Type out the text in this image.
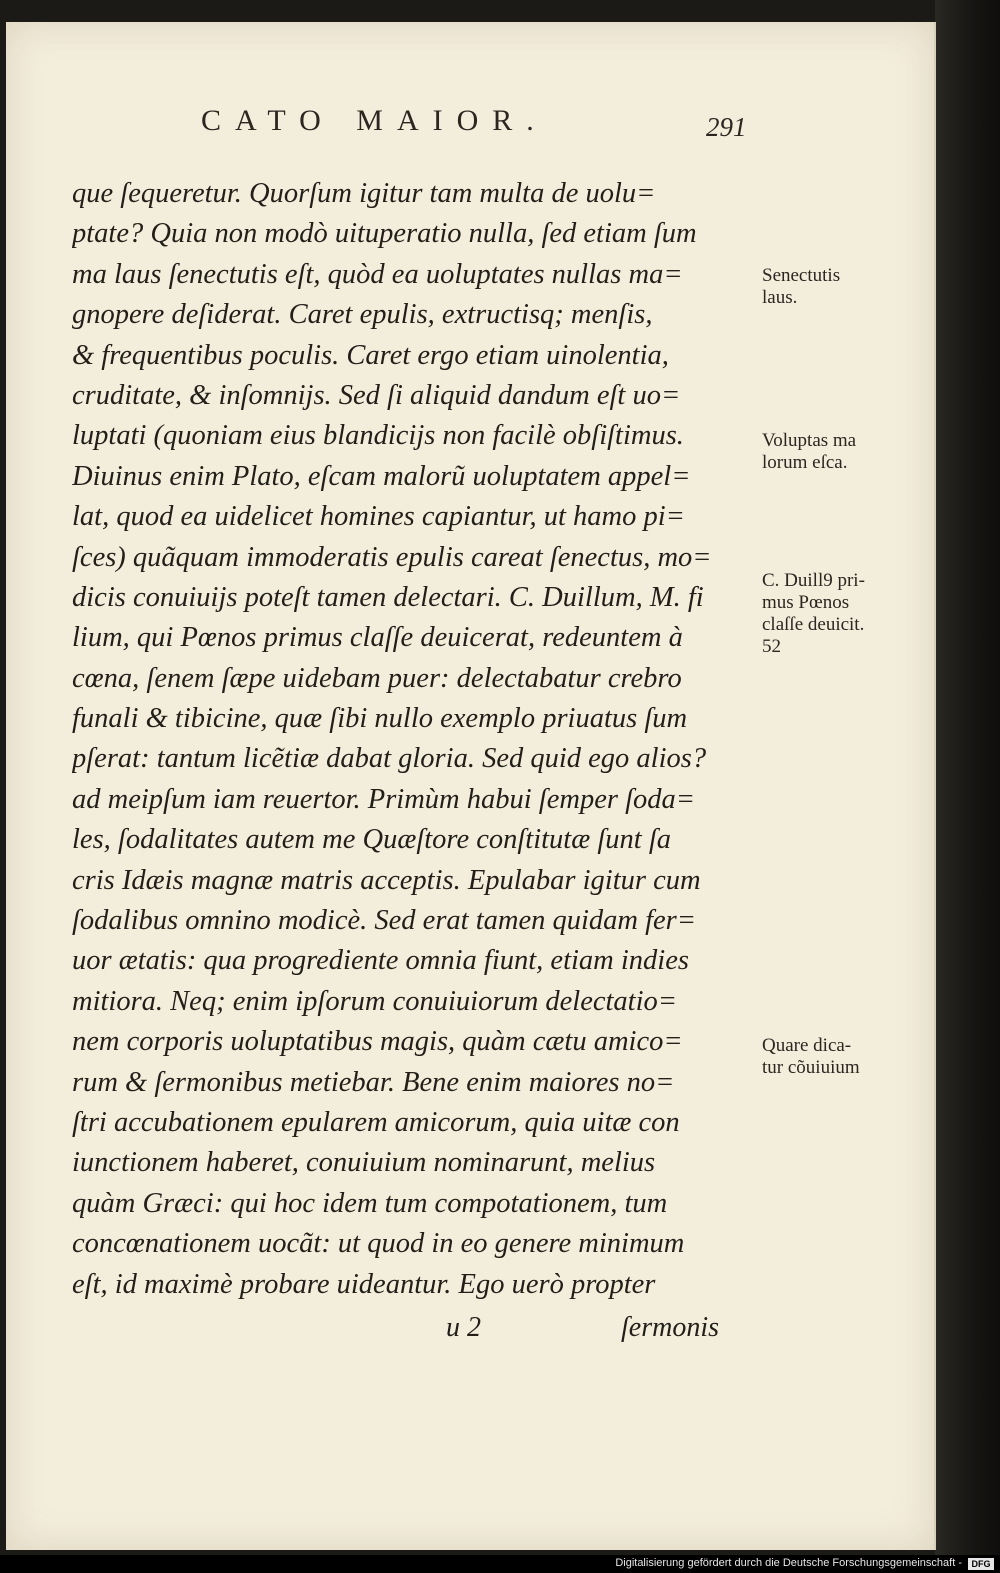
CATO MAIOR.	291
que ſequeretur. Quorſum igitur tam multa de uolu=
ptate? Quia non modò uituperatio nulla, ſed etiam ſum
ma laus ſenectutis eſt, quòd ea uoluptates nullas ma=
gnopere deſiderat. Caret epulis, extructisq; menſis,
& frequentibus poculis. Caret ergo etiam uinolentia,
cruditate, & inſomnijs. Sed ſi aliquid dandum eſt uo=
luptati (quoniam eius blandicijs non facilè obſiſtimus.
Diuinus enim Plato, eſcam malorũ uoluptatem appel=
lat, quod ea uidelicet homines capiantur, ut hamo pi=
ſces) quãquam immoderatis epulis careat ſenectus, mo=
dicis conuiuijs poteſt tamen delectari. C. Duillum, M. fi
lium, qui Pœnos primus claſſe deuicerat, redeuntem à
cœna, ſenem ſæpe uidebam puer: delectabatur crebro
funali & tibicine, quæ ſibi nullo exemplo priuatus ſum
pſerat: tantum licẽtiæ dabat gloria. Sed quid ego alios?
ad meipſum iam reuertor. Primùm habui ſemper ſoda=
les, ſodalitates autem me Quæſtore conſtitutæ ſunt ſa
cris Idæis magnæ matris acceptis. Epulabar igitur cum
ſodalibus omnino modicè. Sed erat tamen quidam fer=
uor ætatis: qua progrediente omnia fiunt, etiam indies
mitiora. Neq; enim ipſorum conuiuiorum delectatio=
nem corporis uoluptatibus magis, quàm cætu amico=
rum & ſermonibus metiebar. Bene enim maiores no=
ſtri accubationem epularem amicorum, quia uitæ con
iunctionem haberet, conuiuium nominarunt, melius
quàm Græci: qui hoc idem tum compotationem, tum
concœnationem uocãt: ut quod in eo genere minimum
eſt, id maximè probare uideantur. Ego uerò propter
Senectutis
laus.
Voluptas ma
lorum eſca.
C. Duill9 pri-
mus Pœnos
claſſe deuicit.
52
Quare dica-
tur cõuiuium
u 2	ſermonis
Digitalisierung gefördert durch die Deutsche Forschungsgemeinschaft -	DFG
